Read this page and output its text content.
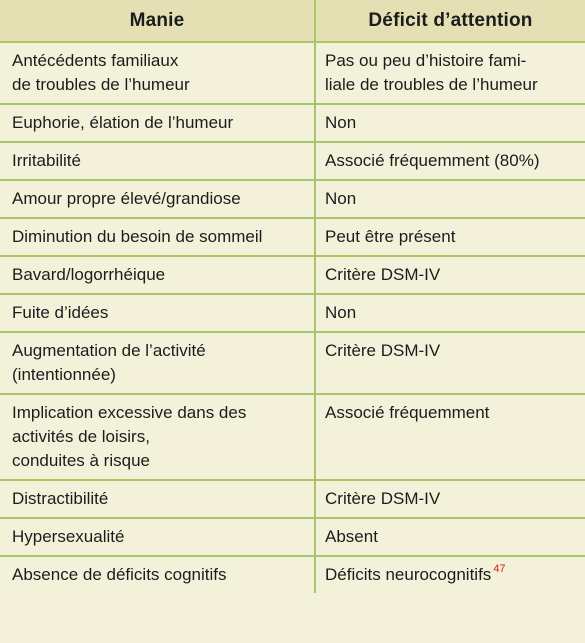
Manie	Déficit d’attention

Antécédents familiaux
de troubles de l’humeur	Pas ou peu d’histoire fami-
liale de troubles de l’humeur

Euphorie, élation de l’humeur	Non

Irritabilité	Associé fréquemment (80%)

Amour propre élevé/grandiose	Non

Diminution du besoin de sommeil	Peut être présent

Bavard/logorrhéique	Critère DSM-IV

Fuite d’idées	Non

Augmentation de l’activité
(intentionnée)	Critère DSM-IV

Implication excessive dans des
activités de loisirs,
conduites à risque	Associé fréquemment

Distractibilité	Critère DSM-IV

Hypersexualité	Absent

Absence de déficits cognitifs	Déficits neurocognitifs $^{47}$
